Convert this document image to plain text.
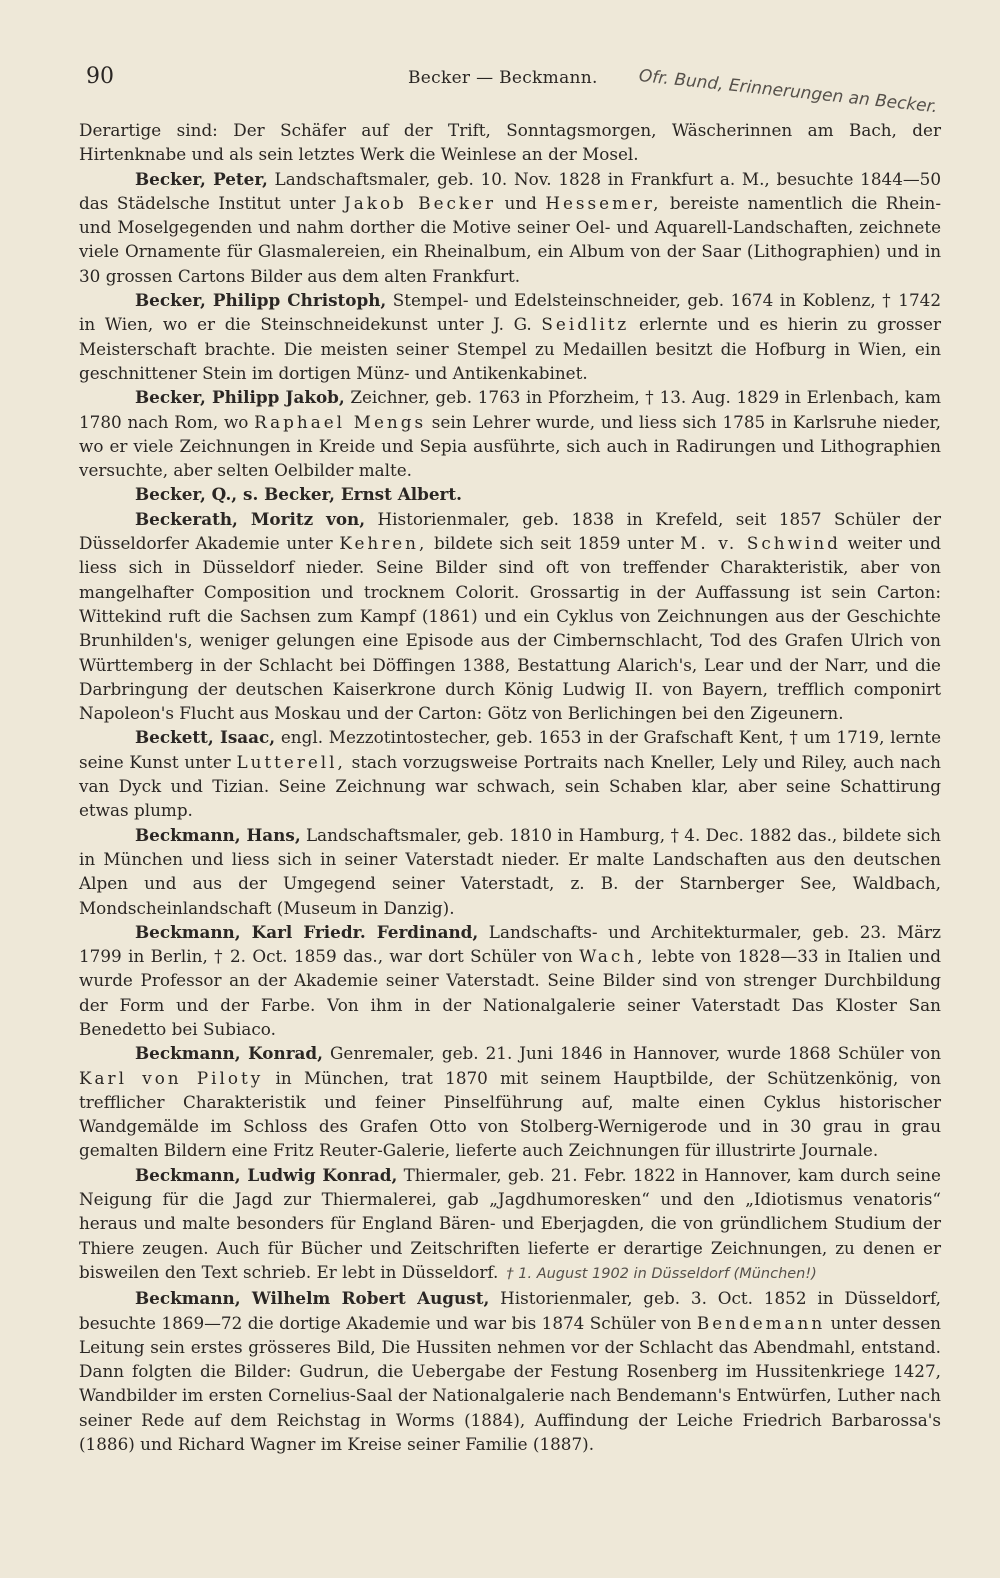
90	Becker — Beckmann. Ofr. Bund, Erinnerungen an Becker.

Derartige sind: Der Schäfer auf der Trift, Sonntagsmorgen, Wäscherinnen am Bach, der Hirtenknabe und als sein letztes Werk die Weinlese an der Mosel.

Becker, Peter, Landschaftsmaler, geb. 10. Nov. 1828 in Frankfurt a. M., besuchte 1844—50 das Städelsche Institut unter Jakob Becker und Hessemer, bereiste namentlich die Rhein- und Moselgegenden und nahm dorther die Motive seiner Oel- und Aquarell-Landschaften, zeichnete viele Ornamente für Glasmalereien, ein Rheinalbum, ein Album von der Saar (Lithographien) und in 30 grossen Cartons Bilder aus dem alten Frankfurt.

Becker, Philipp Christoph, Stempel- und Edelsteinschneider, geb. 1674 in Koblenz, † 1742 in Wien, wo er die Steinschneidekunst unter J. G. Seidlitz erlernte und es hierin zu grosser Meisterschaft brachte. Die meisten seiner Stempel zu Medaillen besitzt die Hofburg in Wien, ein geschnittener Stein im dortigen Münz- und Antikenkabinet.

Becker, Philipp Jakob, Zeichner, geb. 1763 in Pforzheim, † 13. Aug. 1829 in Erlenbach, kam 1780 nach Rom, wo Raphael Mengs sein Lehrer wurde, und liess sich 1785 in Karlsruhe nieder, wo er viele Zeichnungen in Kreide und Sepia ausführte, sich auch in Radirungen und Lithographien versuchte, aber selten Oelbilder malte.

Becker, Q., s. Becker, Ernst Albert.

Beckerath, Moritz von, Historienmaler, geb. 1838 in Krefeld, seit 1857 Schüler der Düsseldorfer Akademie unter Kehren, bildete sich seit 1859 unter M. v. Schwind weiter und liess sich in Düsseldorf nieder. Seine Bilder sind oft von treffender Charakteristik, aber von mangelhafter Composition und trocknem Colorit. Grossartig in der Auffassung ist sein Carton: Wittekind ruft die Sachsen zum Kampf (1861) und ein Cyklus von Zeichnungen aus der Geschichte Brunhilden's, weniger gelungen eine Episode aus der Cimbernschlacht, Tod des Grafen Ulrich von Württemberg in der Schlacht bei Döffingen 1388, Bestattung Alarich's, Lear und der Narr, und die Darbringung der deutschen Kaiserkrone durch König Ludwig II. von Bayern, trefflich componirt Napoleon's Flucht aus Moskau und der Carton: Götz von Berlichingen bei den Zigeunern.

Beckett, Isaac, engl. Mezzotintostecher, geb. 1653 in der Grafschaft Kent, † um 1719, lernte seine Kunst unter Lutterell, stach vorzugsweise Portraits nach Kneller, Lely und Riley, auch nach van Dyck und Tizian. Seine Zeichnung war schwach, sein Schaben klar, aber seine Schattirung etwas plump.

Beckmann, Hans, Landschaftsmaler, geb. 1810 in Hamburg, † 4. Dec. 1882 das., bildete sich in München und liess sich in seiner Vaterstadt nieder. Er malte Landschaften aus den deutschen Alpen und aus der Umgegend seiner Vaterstadt, z. B. der Starnberger See, Waldbach, Mondscheinlandschaft (Museum in Danzig).

Beckmann, Karl Friedr. Ferdinand, Landschafts- und Architekturmaler, geb. 23. März 1799 in Berlin, † 2. Oct. 1859 das., war dort Schüler von Wach, lebte von 1828—33 in Italien und wurde Professor an der Akademie seiner Vaterstadt. Seine Bilder sind von strenger Durchbildung der Form und der Farbe. Von ihm in der Nationalgalerie seiner Vaterstadt Das Kloster San Benedetto bei Subiaco.

Beckmann, Konrad, Genremaler, geb. 21. Juni 1846 in Hannover, wurde 1868 Schüler von Karl von Piloty in München, trat 1870 mit seinem Hauptbilde, der Schützenkönig, von trefflicher Charakteristik und feiner Pinselführung auf, malte einen Cyklus historischer Wandgemälde im Schloss des Grafen Otto von Stolberg-Wernigerode und in 30 grau in grau gemalten Bildern eine Fritz Reuter-Galerie, lieferte auch Zeichnungen für illustrirte Journale.

Beckmann, Ludwig Konrad, Thiermaler, geb. 21. Febr. 1822 in Hannover, kam durch seine Neigung für die Jagd zur Thiermalerei, gab „Jagdhumoresken“ und den „Idiotismus venatoris“ heraus und malte besonders für England Bären- und Eberjagden, die von gründlichem Studium der Thiere zeugen. Auch für Bücher und Zeitschriften lieferte er derartige Zeichnungen, zu denen er bisweilen den Text schrieb. Er lebt in Düsseldorf. † 1. August 1902 in Düsseldorf (München!)

Beckmann, Wilhelm Robert August, Historienmaler, geb. 3. Oct. 1852 in Düsseldorf, besuchte 1869—72 die dortige Akademie und war bis 1874 Schüler von Bendemann unter dessen Leitung sein erstes grösseres Bild, Die Hussiten nehmen vor der Schlacht das Abendmahl, entstand. Dann folgten die Bilder: Gudrun, die Uebergabe der Festung Rosenberg im Hussitenkriege 1427, Wandbilder im ersten Cornelius-Saal der Nationalgalerie nach Bendemann's Entwürfen, Luther nach seiner Rede auf dem Reichstag in Worms (1884), Auffindung der Leiche Friedrich Barbarossa's (1886) und Richard Wagner im Kreise seiner Familie (1887).
